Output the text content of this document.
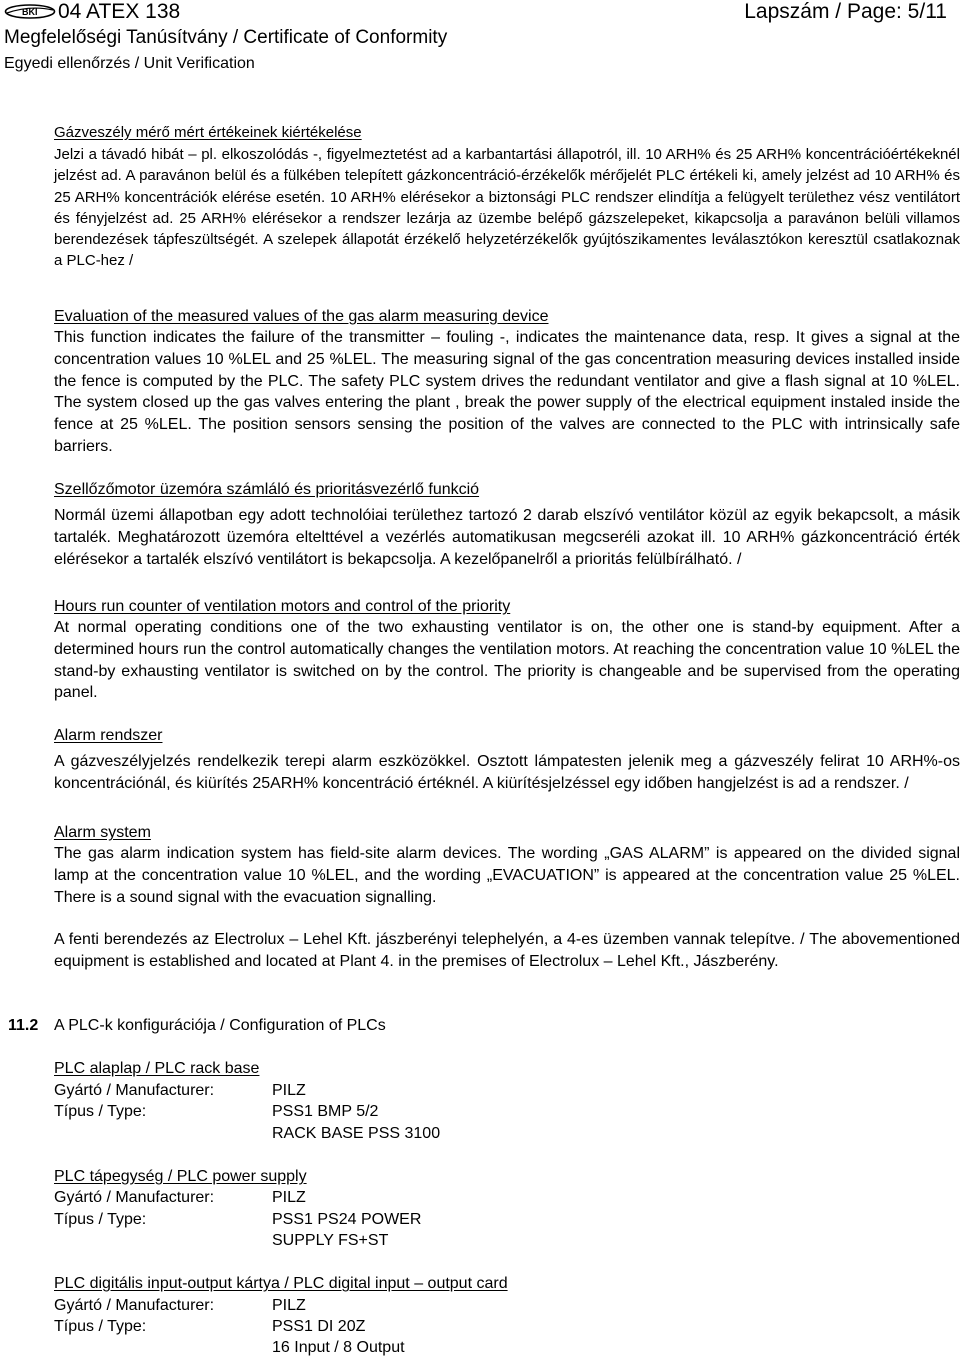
BKI 04 ATEX 138	Lapszám / Page: 5/11
Megfelelőségi Tanúsítvány / Certificate of Conformity
Egyedi ellenőrzés / Unit Verification
Gázveszély mérő mért értékeinek kiértékelése
Jelzi a távadó hibát – pl. elkoszolódás -, figyelmeztetést ad a karbantartási állapotról, ill. 10 ARH% és 25 ARH% koncentrációértékeknél jelzést ad. A paravánon belül és a fülkében telepített gázkoncentráció-érzékelők mérőjelét PLC értékeli ki, amely jelzést ad 10 ARH% és 25 ARH% koncentrációk elérése esetén. 10 ARH% elérésekor a biztonsági PLC rendszer elindítja a felügyelt területhez vész ventilátort és fényjelzést ad. 25 ARH% elérésekor a rendszer lezárja az üzembe belépő gázszelepeket, kikapcsolja a paravánon belüli villamos berendezések tápfeszültségét. A szelepek állapotát érzékelő helyzetérzékelők gyújtószikamentes leválasztókon keresztül csatlakoznak a PLC-hez /
Evaluation of the measured values of the gas alarm measuring device
This function indicates the failure of the transmitter – fouling -, indicates the maintenance data, resp. It gives a signal at the concentration values 10 %LEL and 25 %LEL. The measuring signal of the gas concentration measuring devices installed inside the fence is computed by the PLC. The safety PLC system drives the redundant ventilator and give a flash signal at 10 %LEL. The system closed up the gas valves entering the plant , break the power supply of the electrical equipment instaled inside the fence at 25 %LEL. The position sensors sensing the position of the valves are connected to the PLC with intrinsically safe barriers.
Szellőzőmotor üzemóra számláló és prioritásvezérlő funkció
Normál üzemi állapotban egy adott technolóiai területhez tartozó 2 darab elszívó ventilátor közül az egyik bekapcsolt, a másik tartalék. Meghatározott üzemóra eltelttével a vezérlés automatikusan megcseréli azokat ill. 10 ARH% gázkoncentráció érték elérésekor a tartalék elszívó ventilátort is bekapcsolja. A kezelőpanelről a prioritás felülbírálható. /
Hours run counter of ventilation motors and control of the priority
At normal operating conditions one of the two exhausting ventilator is on, the other one is stand-by equipment. After a determined hours run the control automatically changes the ventilation motors. At reaching the concentration value 10 %LEL the stand-by exhausting ventilator is switched on by the control. The priority is changeable and be supervised from the operating panel.
Alarm rendszer
A gázveszélyjelzés rendelkezik terepi alarm eszközökkel. Osztott lámpatesten jelenik meg a gázveszély felirat 10 ARH%-os koncentrációnál, és kiürítés 25ARH% koncentráció értéknél. A kiürítésjelzéssel egy időben hangjelzést is ad a rendszer. /
Alarm system
The gas alarm indication system has field-site alarm devices. The wording „GAS ALARM” is appeared on the divided signal lamp at the concentration value 10 %LEL, and the wording „EVACUATION” is appeared at the concentration value 25 %LEL. There is a sound signal with the evacuation signalling.
A fenti berendezés az Electrolux – Lehel Kft. jászberényi telephelyén, a 4-es üzemben vannak telepítve. / The abovementioned equipment is established and located at Plant 4. in the premises of Electrolux – Lehel Kft., Jászberény.
PLC alaplap / PLC rack base
Gyártó / Manufacturer:	PILZ
Típus / Type:	PSS1 BMP 5/2
RACK BASE PSS 3100
PLC tápegység / PLC power supply
Gyártó / Manufacturer:	PILZ
Típus / Type:	PSS1 PS24 POWER
SUPPLY FS+ST
PLC digitális input-output kártya / PLC digital input – output card
Gyártó / Manufacturer:	PILZ
Típus / Type:	PSS1 DI 20Z
16 Input / 8 Output
11.2 A PLC-k konfigurációja / Configuration of PLCs
